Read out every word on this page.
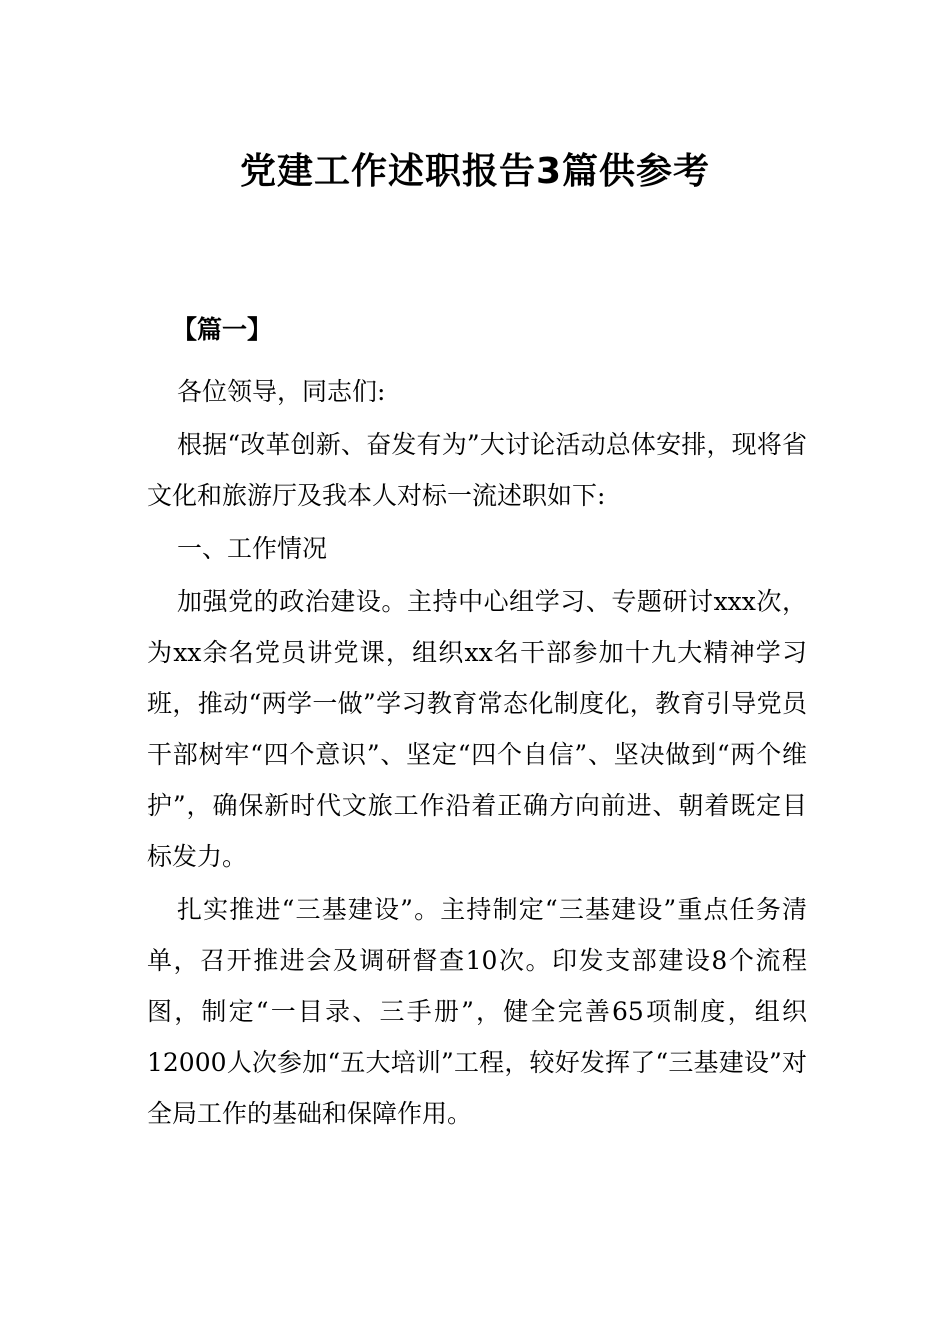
党建工作述职报告3篇供参考
【篇一】

各位领导，同志们:

根据“改革创新、奋发有为”大讨论活动总体安排，现将省文化和旅游厅及我本人对标一流述职如下:

一、工作情况

加强党的政治建设。主持中心组学习、专题研讨xxx次，为xx余名党员讲党课，组织xx名干部参加十九大精神学习班，推动“两学一做”学习教育常态化制度化，教育引导党员干部树牢“四个意识”、坚定“四个自信”、坚决做到“两个维护”，确保新时代文旅工作沿着正确方向前进、朝着既定目标发力。

扎实推进“三基建设”。主持制定“三基建设”重点任务清单，召开推进会及调研督查10次。印发支部建设8个流程图，制定“一目录、三手册”，健全完善65项制度，组织12000人次参加“五大培训”工程，较好发挥了“三基建设”对全局工作的基础和保障作用。
